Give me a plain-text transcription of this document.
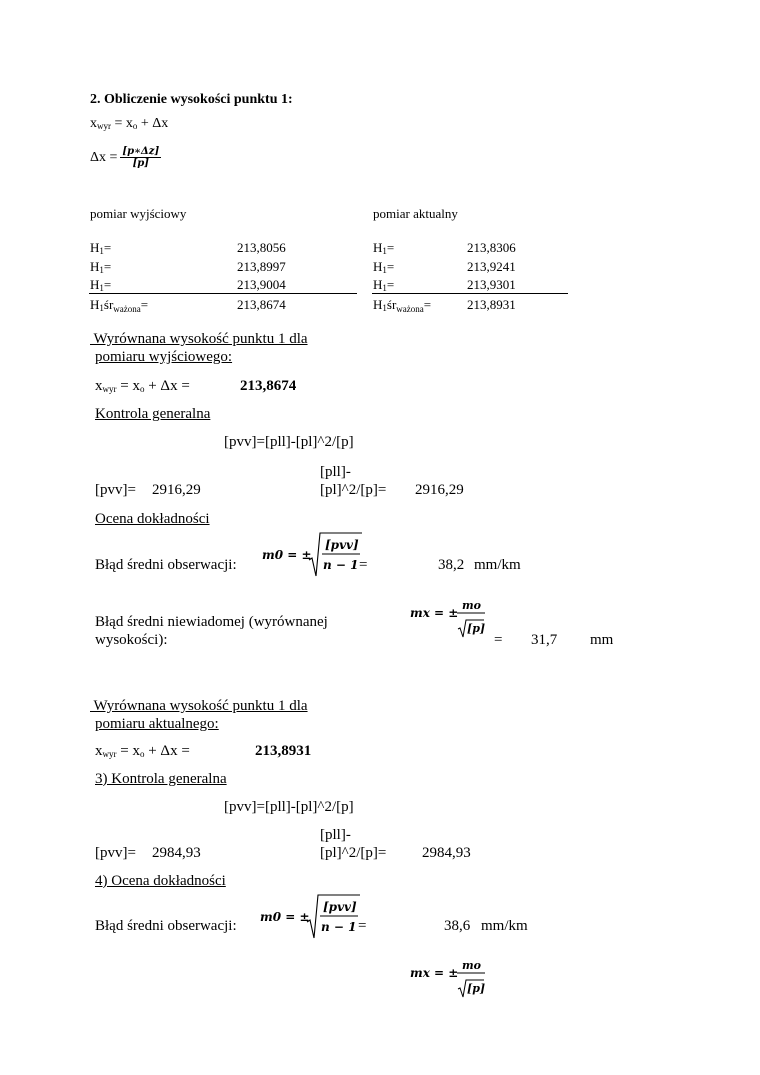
2. Obliczenie wysokości punktu 1:
$x_{wyr} = x_o + \Delta x$
$\Delta x = \frac{[p∗\Delta z]}{[p]}$
pomiar wyjściowy	pomiar aktualny
$H_1=$	213,8056
$H_1=$	213,8997
$H_1=$	213,9004
$H_1śr_{ważona}=$	213,8674
$H_1=$	213,8306
$H_1=$	213,9241
$H_1=$	213,9301
$H_1śr_{ważona}=$	213,8931
Wyrównana wysokość punktu 1 dla
pomiaru wyjściowego:
$x_{wyr} = x_o + \Delta x$ =	213,8674
Kontrola generalna
[pvv]=[pll]-[pl]^2/[p]
[pll]-
[pl]^2/[p]= 2916,29
[pvv]= 2916,29
Ocena dokładności
Błąd średni obserwacji:
m0 = ±
[pvv]
n − 1 =	38,2 mm/km
Błąd średni niewiadomej (wyrównanej
wysokości):
mx = ±
mo
[p]
= 31,7 mm
Wyrównana wysokość punktu 1 dla
pomiaru aktualnego:
$x_{wyr} = x_o + \Delta x$ =	213,8931
3) Kontrola generalna
[pvv]=[pll]-[pl]^2/[p]
[pll]-
[pl]^2/[p]= 2984,93
[pvv]= 2984,93
4) Ocena dokładności
Błąd średni obserwacji:
m0 = ±
[pvv]
n − 1 =	38,6 mm/km
mx = ±
mo
[p]
